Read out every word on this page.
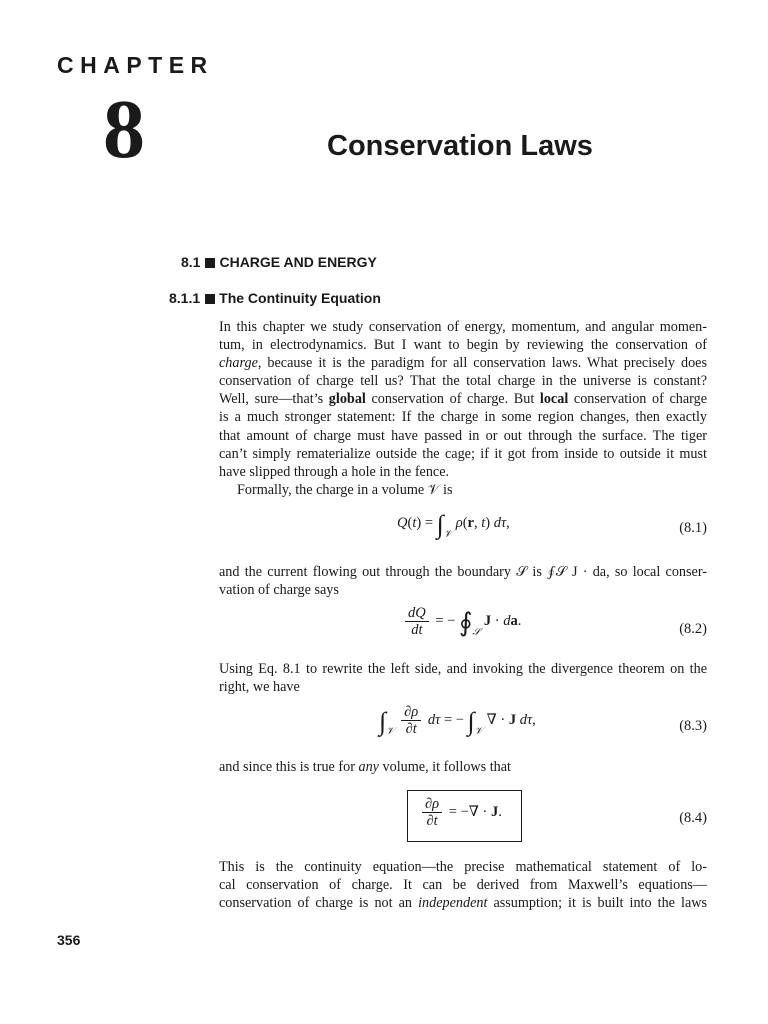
CHAPTER
8	Conservation Laws
8.1 CHARGE AND ENERGY
8.1.1 The Continuity Equation
In this chapter we study conservation of energy, momentum, and angular momen-
tum, in electrodynamics. But I want to begin by reviewing the conservation of
charge, because it is the paradigm for all conservation laws. What precisely does
conservation of charge tell us? That the total charge in the universe is constant?
Well, sure—that’s global conservation of charge. But local conservation of charge
is a much stronger statement: If the charge in some region changes, then exactly
that amount of charge must have passed in or out through the surface. The tiger
can’t simply rematerialize outside the cage; if it got from inside to outside it must
have slipped through a hole in the fence.
Formally, the charge in a volume 𝒱 is
$Q(t) = \int_𝒱$ ρ(r, t) dτ,	(8.1)
and the current flowing out through the boundary 𝒮 is ∮𝒮 J · da, so local conser-
vation of charge says
$\frac{dQ}{dt}$ = − $∮_𝒮$ J · da.
(8.2)
Using Eq. 8.1 to rewrite the left side, and invoking the divergence theorem on the
right, we have
$\int_𝒱 \frac{\partial\rho}{\partial t}$ dτ = − $\int_𝒱$ ∇ · J dτ,	(8.3)
and since this is true for any volume, it follows that
$\frac{\partial\rho}{\partial t}$ = −∇ · J.	(8.4)
This is the continuity equation—the precise mathematical statement of lo-
cal conservation of charge. It can be derived from Maxwell’s equations—
conservation of charge is not an independent assumption; it is built into the laws
356
